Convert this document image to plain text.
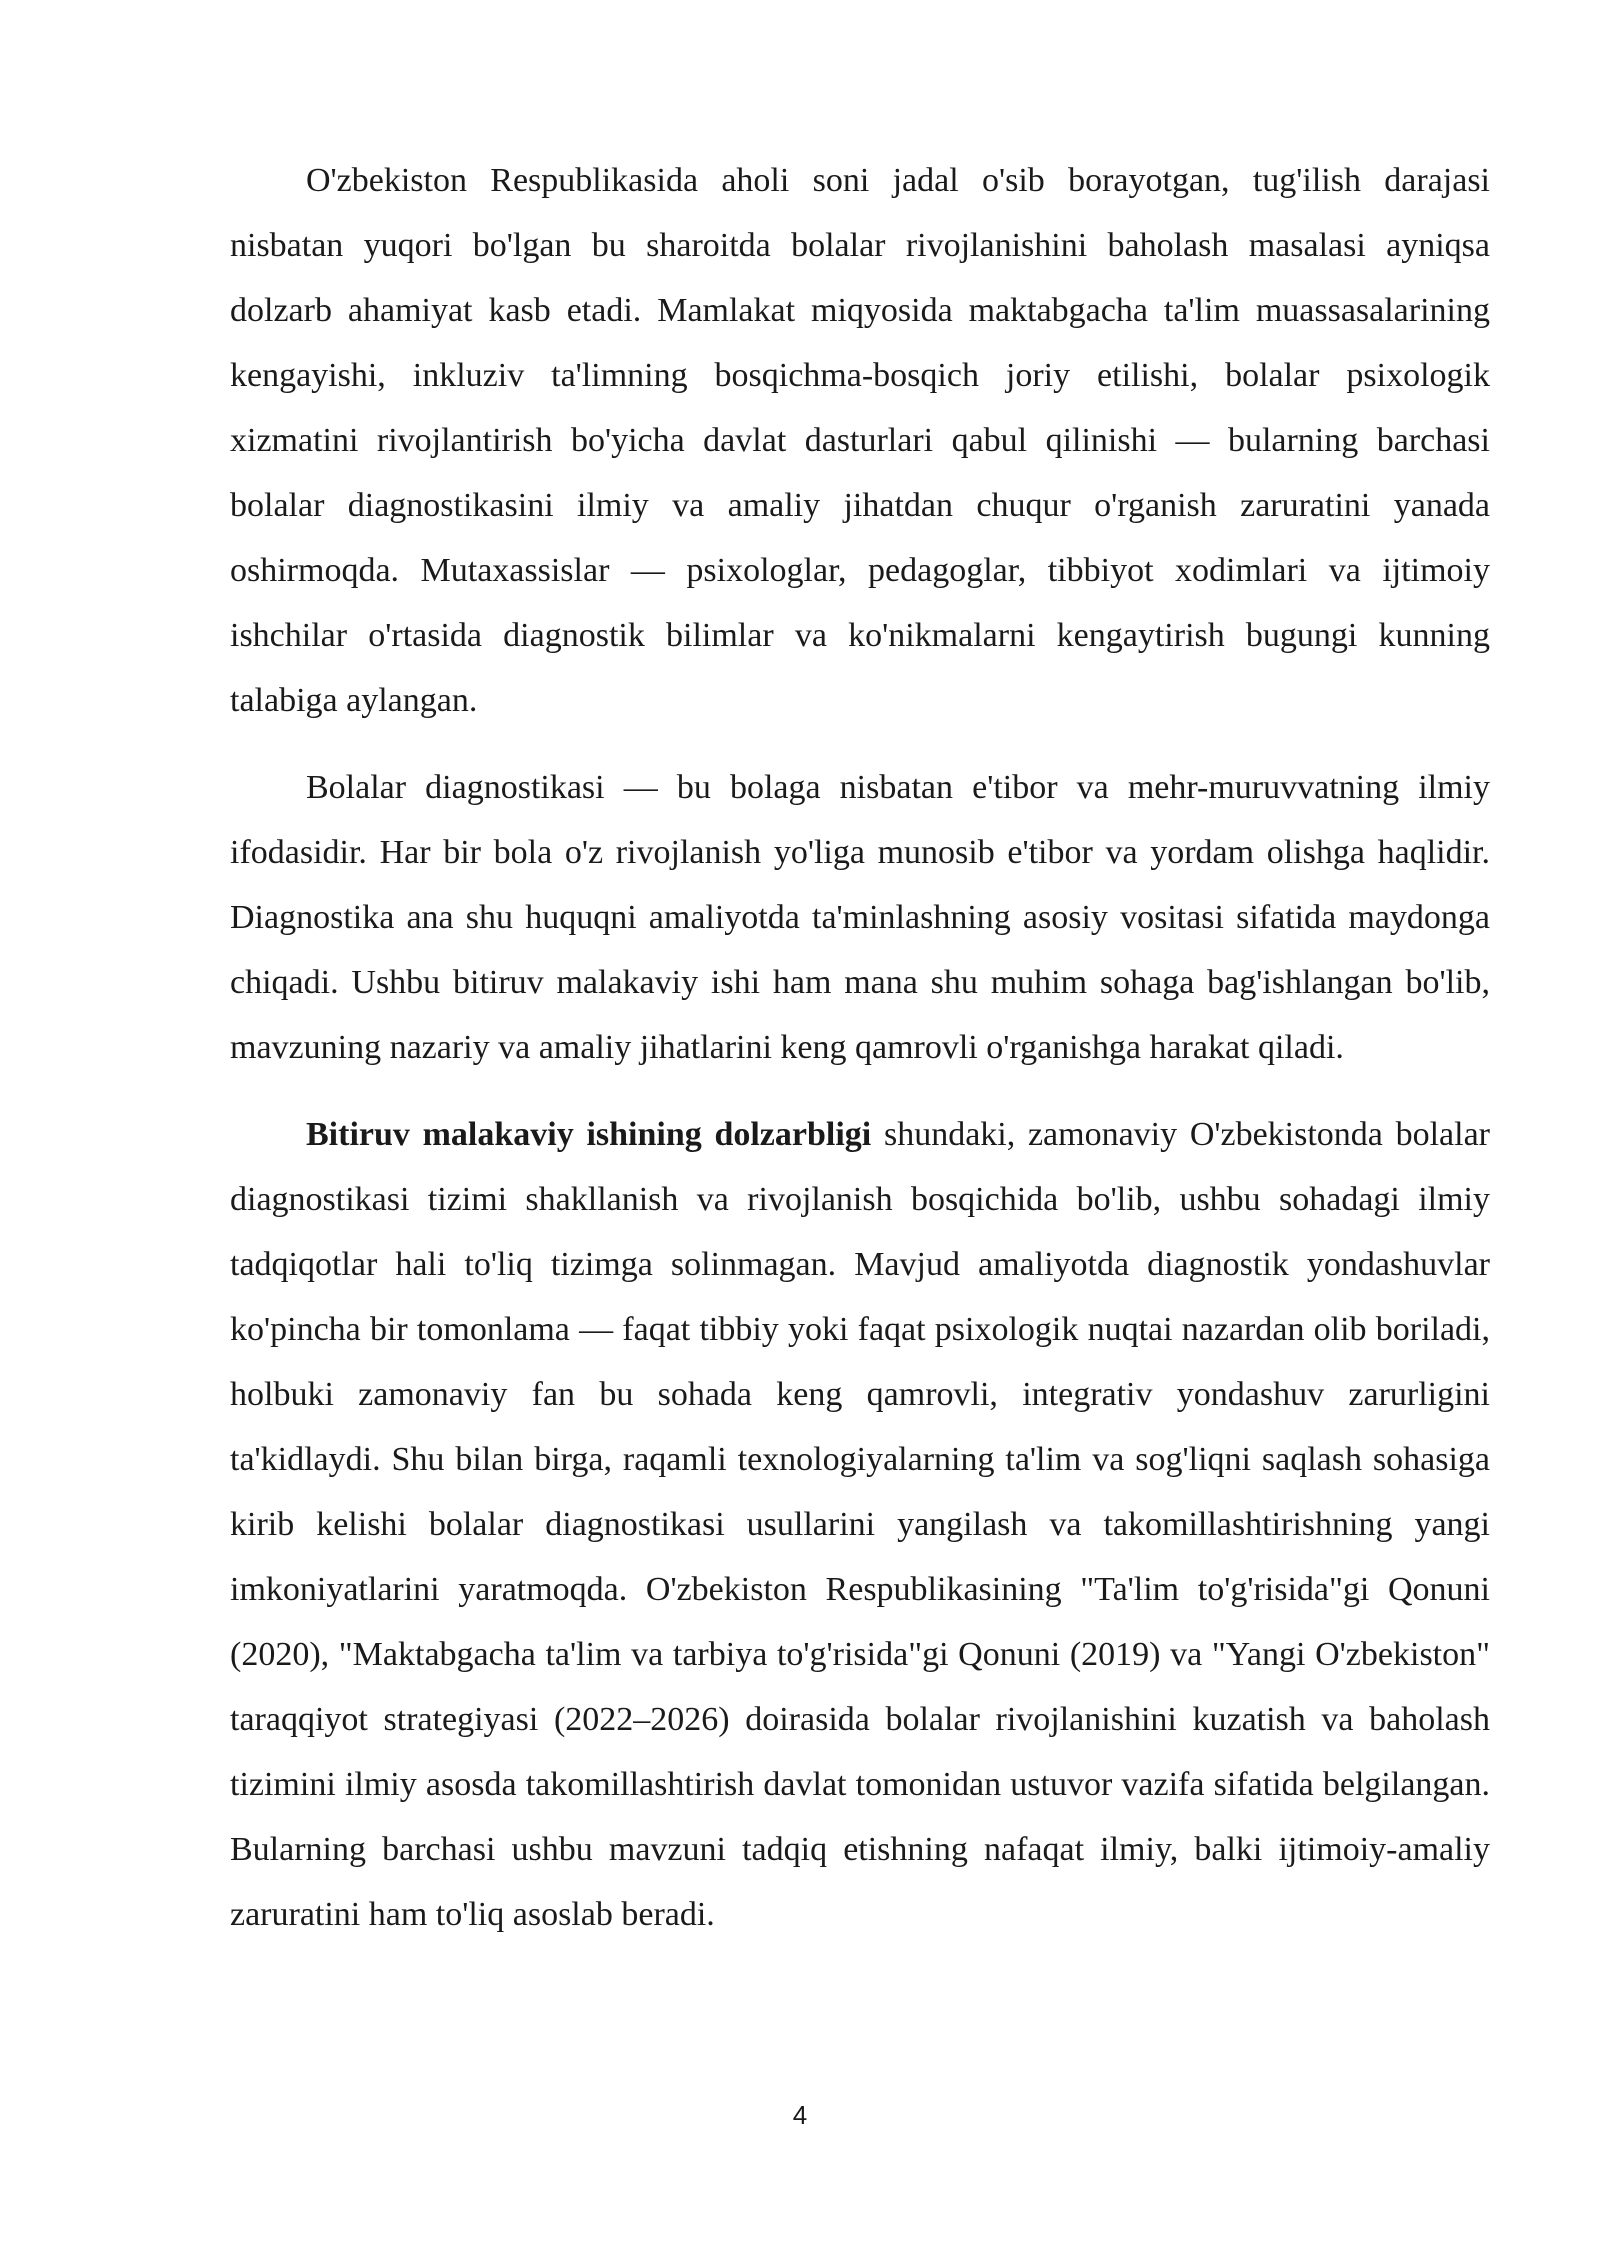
O'zbekiston Respublikasida aholi soni jadal o'sib borayotgan, tug'ilish darajasi nisbatan yuqori bo'lgan bu sharoitda bolalar rivojlanishini baholash masalasi ayniqsa dolzarb ahamiyat kasb etadi. Mamlakat miqyosida maktabgacha ta'lim muassasalarining kengayishi, inkluziv ta'limning bosqichma-bosqich joriy etilishi, bolalar psixologik xizmatini rivojlantirish bo'yicha davlat dasturlari qabul qilinishi — bularning barchasi bolalar diagnostikasini ilmiy va amaliy jihatdan chuqur o'rganish zaruratini yanada oshirmoqda. Mutaxassislar — psixologlar, pedagoglar, tibbiyot xodimlari va ijtimoiy ishchilar o'rtasida diagnostik bilimlar va ko'nikmalarni kengaytirish bugungi kunning talabiga aylangan.

Bolalar diagnostikasi — bu bolaga nisbatan e'tibor va mehr-muruvvatning ilmiy ifodasidir. Har bir bola o'z rivojlanish yo'liga munosib e'tibor va yordam olishga haqlidir. Diagnostika ana shu huquqni amaliyotda ta'minlashning asosiy vositasi sifatida maydonga chiqadi. Ushbu bitiruv malakaviy ishi ham mana shu muhim sohaga bag'ishlangan bo'lib, mavzuning nazariy va amaliy jihatlarini keng qamrovli o'rganishga harakat qiladi.

Bitiruv malakaviy ishining dolzarbligi shundaki, zamonaviy O'zbekistonda bolalar diagnostikasi tizimi shakllanish va rivojlanish bosqichida bo'lib, ushbu sohadagi ilmiy tadqiqotlar hali to'liq tizimga solinmagan. Mavjud amaliyotda diagnostik yondashuvlar ko'pincha bir tomonlama — faqat tibbiy yoki faqat psixologik nuqtai nazardan olib boriladi, holbuki zamonaviy fan bu sohada keng qamrovli, integrativ yondashuv zarurligini ta'kidlaydi. Shu bilan birga, raqamli texnologiyalarning ta'lim va sog'liqni saqlash sohasiga kirib kelishi bolalar diagnostikasi usullarini yangilash va takomillashtirishning yangi imkoniyatlarini yaratmoqda. O'zbekiston Respublikasining "Ta'lim to'g'risida"gi Qonuni (2020), "Maktabgacha ta'lim va tarbiya to'g'risida"gi Qonuni (2019) va "Yangi O'zbekiston" taraqqiyot strategiyasi (2022–2026) doirasida bolalar rivojlanishini kuzatish va baholash tizimini ilmiy asosda takomillashtirish davlat tomonidan ustuvor vazifa sifatida belgilangan. Bularning barchasi ushbu mavzuni tadqiq etishning nafaqat ilmiy, balki ijtimoiy-amaliy zaruratini ham to'liq asoslab beradi.

4
